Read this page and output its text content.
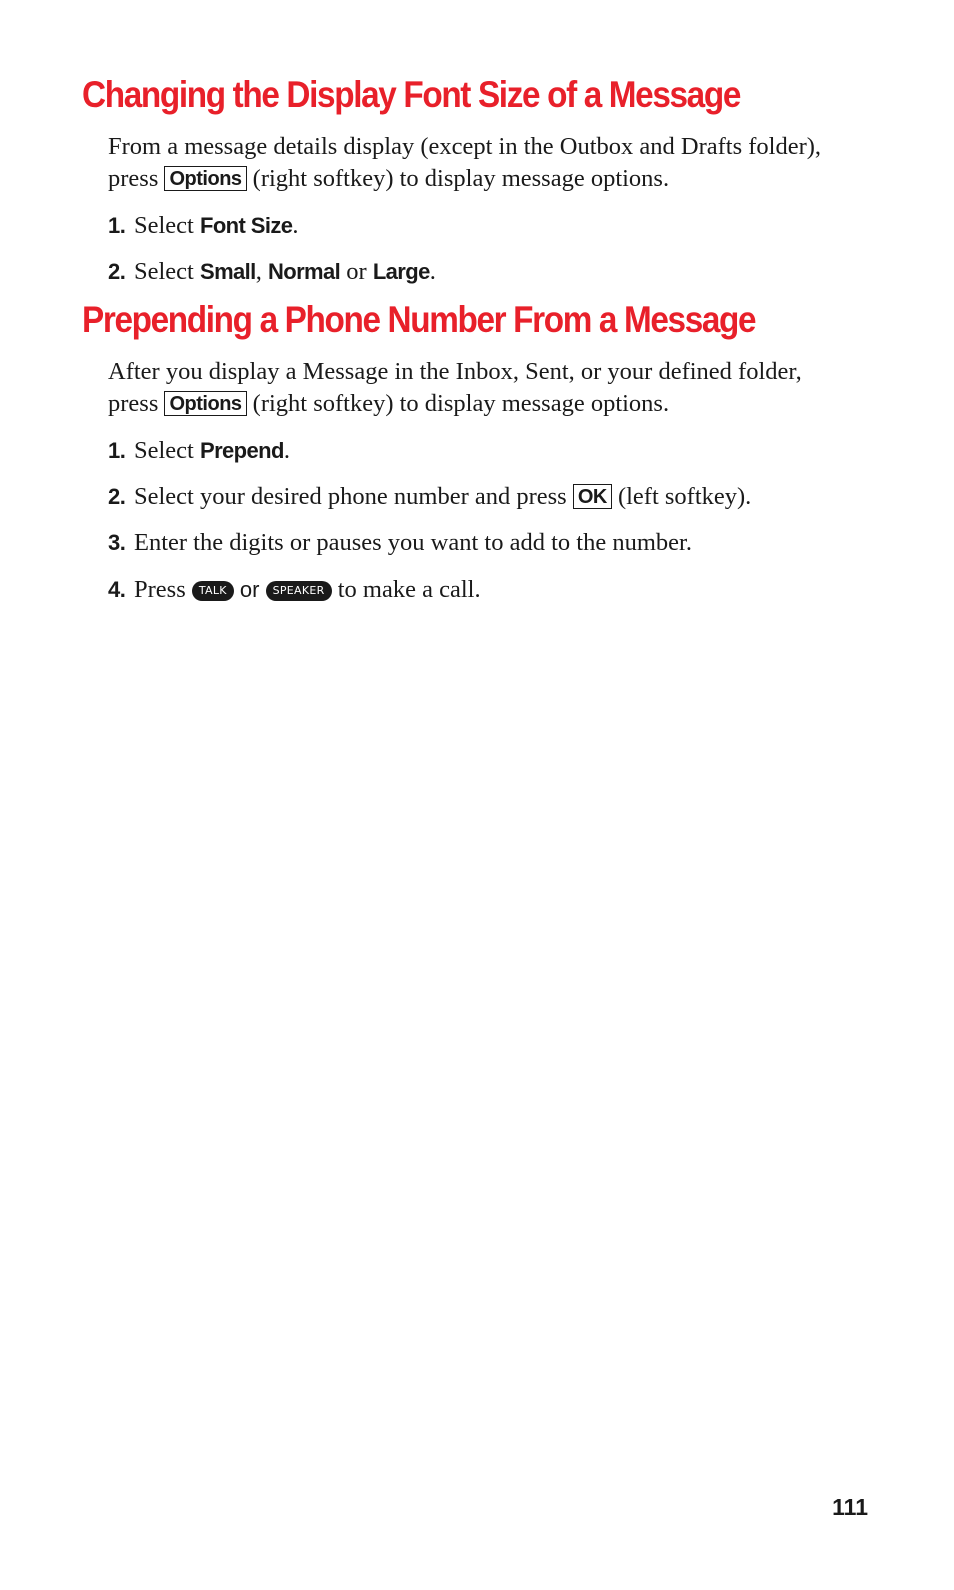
Changing the Display Font Size of a Message

From a message details display (except in the Outbox and Drafts folder), press Options (right softkey) to display message options.

1. Select Font Size.

2. Select Small, Normal or Large.

Prepending a Phone Number From a Message

After you display a Message in the Inbox, Sent, or your defined folder, press Options (right softkey) to display message options.

1. Select Prepend.

2. Select your desired phone number and press OK (left softkey).

3. Enter the digits or pauses you want to add to the number.

4. Press TALK or SPEAKER to make a call.

111
